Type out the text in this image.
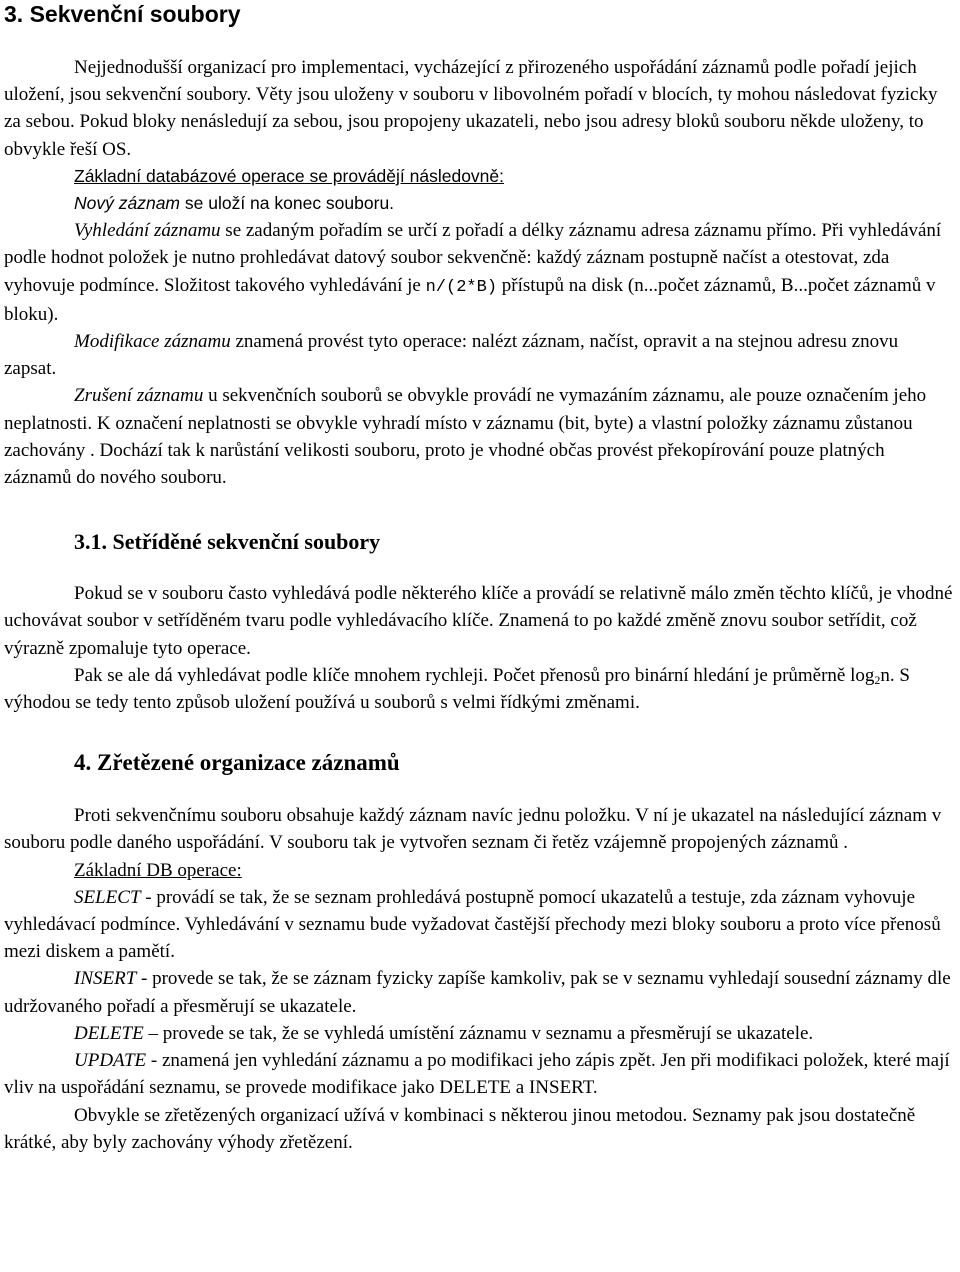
3. Sekvenční soubory

Nejjednodušší organizací pro implementaci, vycházející z přirozeného uspořádání záznamů podle pořadí jejich uložení, jsou sekvenční soubory. Věty jsou uloženy v souboru v libovolném pořadí v blocích, ty mohou následovat fyzicky za sebou. Pokud bloky nenásledují za sebou, jsou propojeny ukazateli, nebo jsou adresy bloků souboru někde uloženy, to obvykle řeší OS.

Základní databázové operace se provádějí následovně:

Nový záznam se uloží na konec souboru.

Vyhledání záznamu se zadaným pořadím se určí z pořadí a délky záznamu adresa záznamu přímo. Při vyhledávání podle hodnot položek je nutno prohledávat datový soubor sekvenčně: každý záznam postupně načíst a otestovat, zda vyhovuje podmínce. Složitost takového vyhledávání je n/(2*B) přístupů na disk (n...počet záznamů, B...počet záznamů v bloku).

Modifikace záznamu znamená provést tyto operace: nalézt záznam, načíst, opravit a na stejnou adresu znovu zapsat.

Zrušení záznamu u sekvenčních souborů se obvykle provádí ne vymazáním záznamu, ale pouze označením jeho neplatnosti. K označení neplatnosti se obvykle vyhradí místo v záznamu (bit, byte) a vlastní položky záznamu zůstanou zachovány . Dochází tak k narůstání velikosti souboru, proto je vhodné občas provést překopírování pouze platných záznamů do nového souboru.

3.1. Setříděné sekvenční soubory

Pokud se v souboru často vyhledává podle některého klíče a provádí se relativně málo změn těchto klíčů, je vhodné uchovávat soubor v setříděném tvaru podle vyhledávacího klíče. Znamená to po každé změně znovu soubor setřídit, což výrazně zpomaluje tyto operace.

Pak se ale dá vyhledávat podle klíče mnohem rychleji. Počet přenosů pro binární hledání je průměrně $\log_2n$. S výhodou se tedy tento způsob uložení používá u souborů s velmi řídkými změnami.

4. Zřetězené organizace záznamů

Proti sekvenčnímu souboru obsahuje každý záznam navíc jednu položku. V ní je ukazatel na následující záznam v souboru podle daného uspořádání. V souboru tak je vytvořen seznam či řetěz vzájemně propojených záznamů .

Základní DB operace:

SELECT - provádí se tak, že se seznam prohledává postupně pomocí ukazatelů a testuje, zda záznam vyhovuje vyhledávací podmínce. Vyhledávání v seznamu bude vyžadovat častější přechody mezi bloky souboru a proto více přenosů mezi diskem a pamětí.

INSERT - provede se tak, že se záznam fyzicky zapíše kamkoliv, pak se v seznamu vyhledají sousední záznamy dle udržovaného pořadí a přesměrují se ukazatele.

DELETE – provede se tak, že se vyhledá umístění záznamu v seznamu a přesměrují se ukazatele.

UPDATE - znamená jen vyhledání záznamu a po modifikaci jeho zápis zpět. Jen při modifikaci položek, které mají vliv na uspořádání seznamu, se provede modifikace jako DELETE a INSERT.

Obvykle se zřetězených organizací užívá v kombinaci s některou jinou metodou. Seznamy pak jsou dostatečně krátké, aby byly zachovány výhody zřetězení.
